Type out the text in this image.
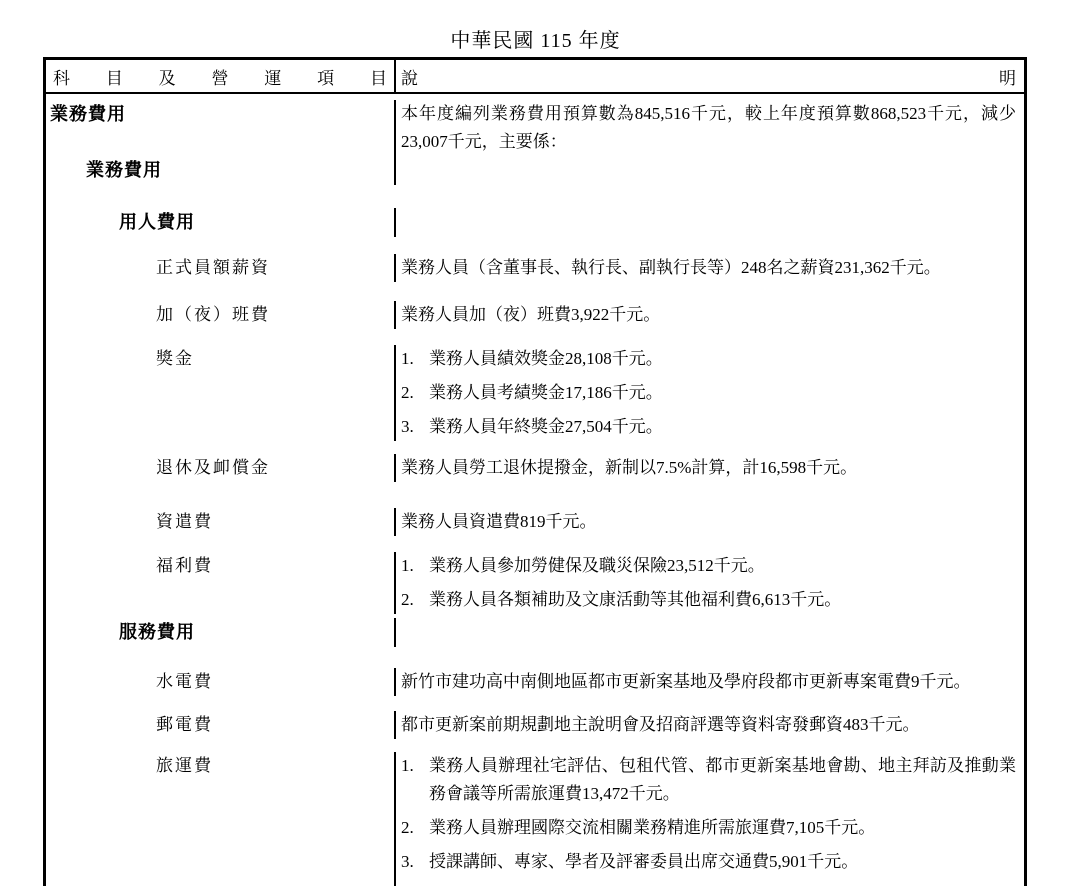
中華民國 115 年度
科 目 及 營 運 項 目 說	明
業務費用	本年度編列業務費用預算數為845,516千元，較上年度預算數868,523千元，減少23,007千元，主要係：
業務費用
用人費用
正式員額薪資	業務人員（含董事長、執行長、副執行長等）248名之薪資231,362千元。
加（夜）班費	業務人員加（夜）班費3,922千元。
獎金	1. 業務人員績效獎金28,108千元。
2. 業務人員考績獎金17,186千元。
3. 業務人員年終獎金27,504千元。
退休及卹償金	業務人員勞工退休提撥金，新制以7.5%計算，計16,598千元。
資遣費	業務人員資遣費819千元。
福利費	1. 業務人員參加勞健保及職災保險23,512千元。
2. 業務人員各類補助及文康活動等其他福利費6,613千元。
服務費用
水電費	新竹市建功高中南側地區都市更新案基地及學府段都市更新專案電費9千元。
郵電費	都市更新案前期規劃地主說明會及招商評選等資料寄發郵資483千元。
旅運費	1. 業務人員辦理社宅評估、包租代管、都市更新案基地會勘、地主拜訪及推動業務會議等所需旅運費13,472千元。
2. 業務人員辦理國際交流相關業務精進所需旅運費7,105千元。
3. 授課講師、專家、學者及評審委員出席交通費5,901千元。
